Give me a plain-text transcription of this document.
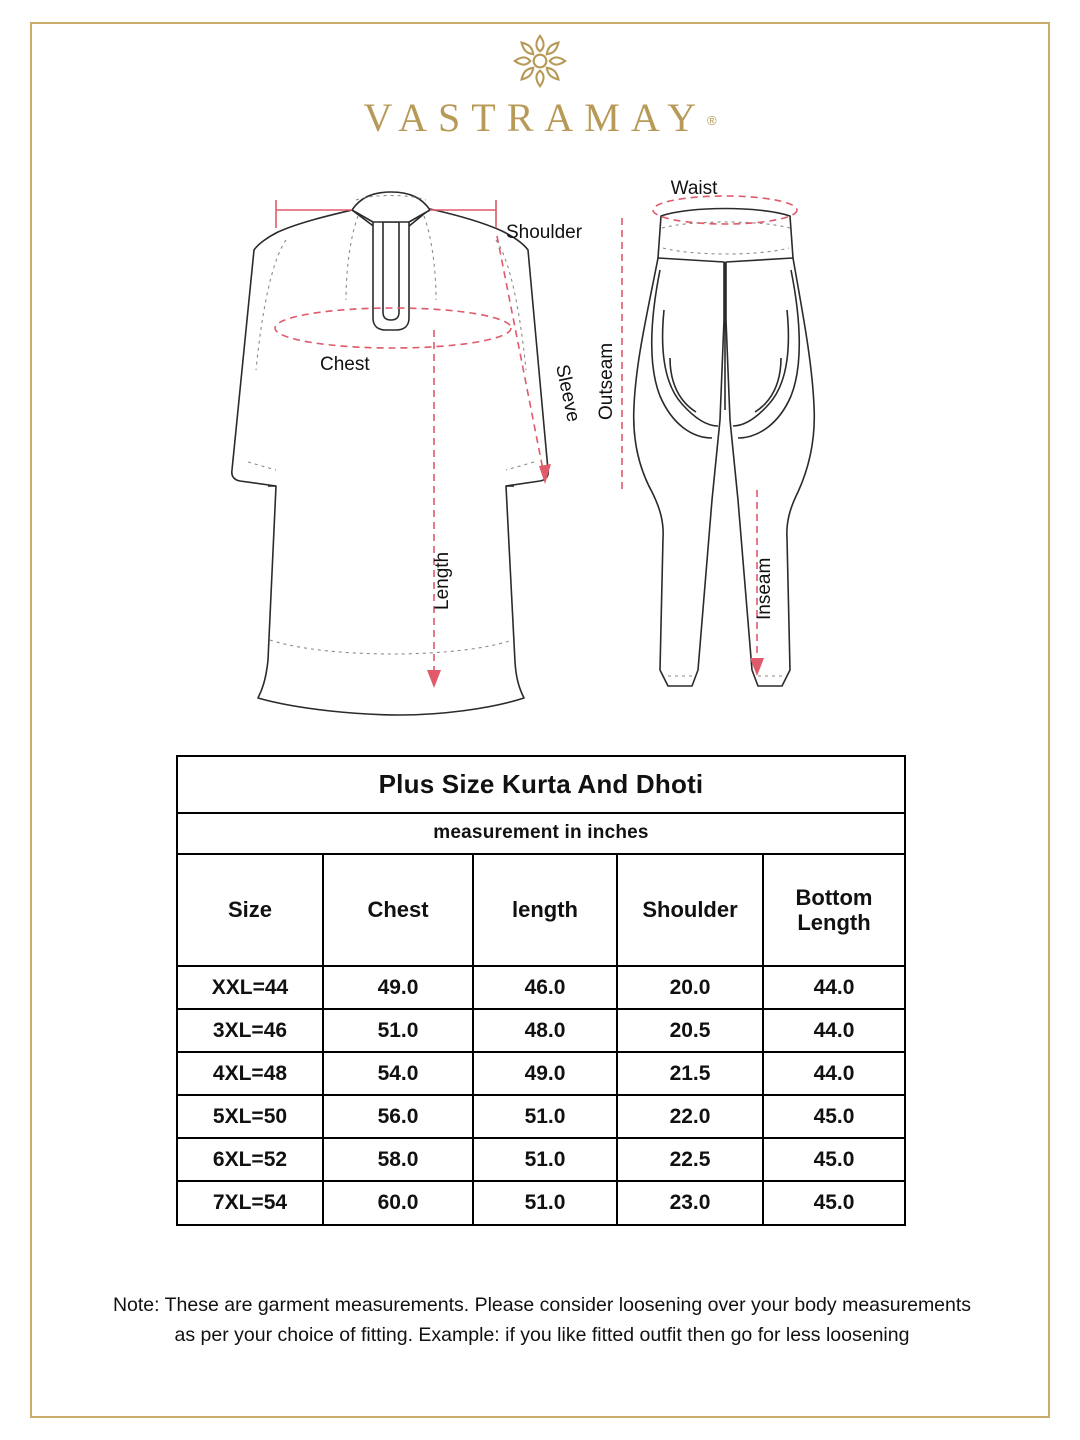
VASTRAMAY®
Shoulder
Chest	Sleeve
Length
Waist
Outseam
Inseam
Plus Size Kurta And Dhoti				
measurement in inches				
Size	Chest	length	Shoulder	Bottom
Length

XXL=44	49.0	46.0	20.0	44.0
3XL=46	51.0	48.0	20.5	44.0
4XL=48	54.0	49.0	21.5	44.0
5XL=50	56.0	51.0	22.0	45.0
6XL=52	58.0	51.0	22.5	45.0
7XL=54	60.0	51.0	23.0	45.0
Note: These are garment measurements. Please consider loosening over your body measurements
as per your choice of fitting. Example: if you like fitted outfit then go for less loosening
